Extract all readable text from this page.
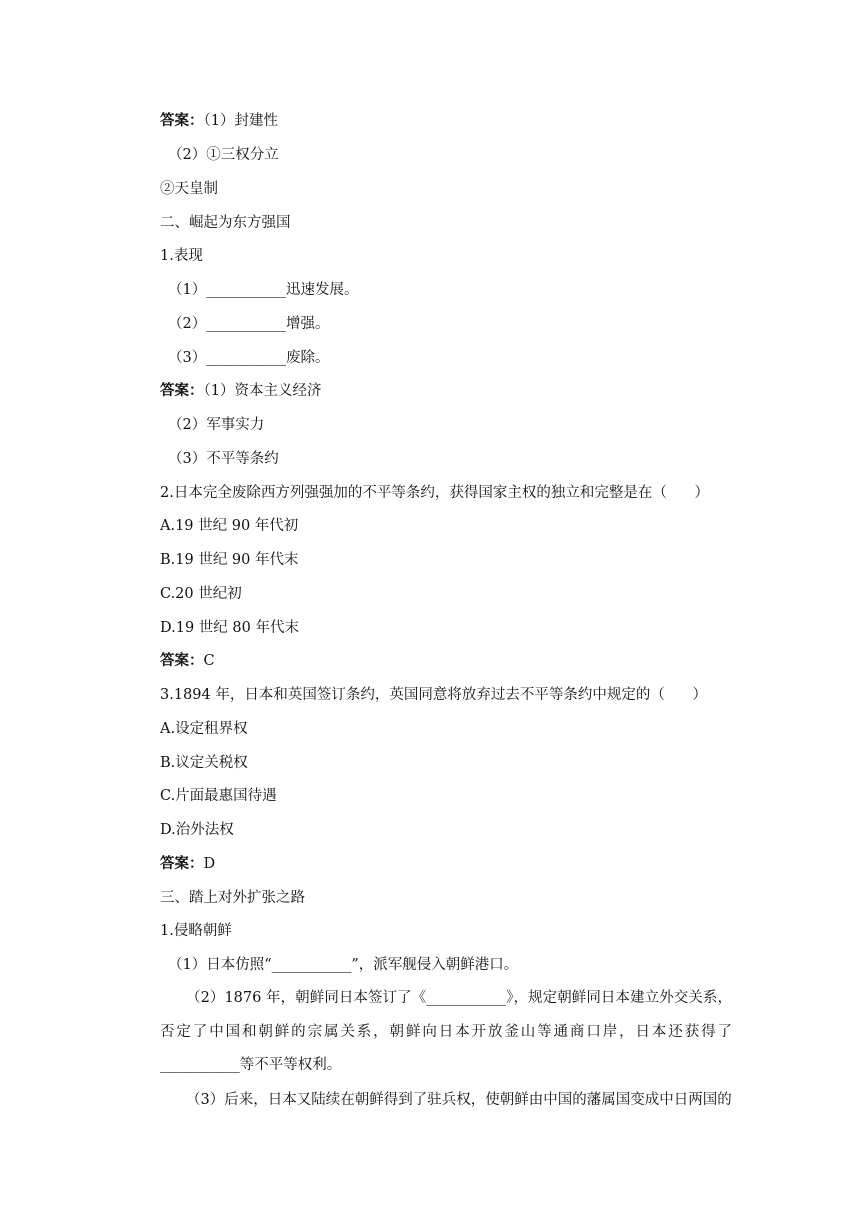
答案：（1）封建性
（2）①三权分立
②天皇制
二、崛起为东方强国
1.表现
（1）___________迅速发展。
（2）___________增强。
（3）___________废除。
答案：（1）资本主义经济
（2）军事实力
（3）不平等条约
2.日本完全废除西方列强强加的不平等条约，获得国家主权的独立和完整是在（      ）
A.19 世纪 90 年代初
B.19 世纪 90 年代末
C.20 世纪初
D.19 世纪 80 年代末
答案：C
3.1894 年，日本和英国签订条约，英国同意将放弃过去不平等条约中规定的（      ）
A.设定租界权
B.议定关税权
C.片面最惠国待遇
D.治外法权
答案：D
三、踏上对外扩张之路
1.侵略朝鲜
（1）日本仿照“___________”，派军舰侵入朝鲜港口。
（2）1876 年，朝鲜同日本签订了《___________》，规定朝鲜同日本建立外交关系，否定了中国和朝鲜的宗属关系，朝鲜向日本开放釜山等通商口岸，日本还获得了___________等不平等权利。
（3）后来，日本又陆续在朝鲜得到了驻兵权，使朝鲜由中国的藩属国变成中日两国的
